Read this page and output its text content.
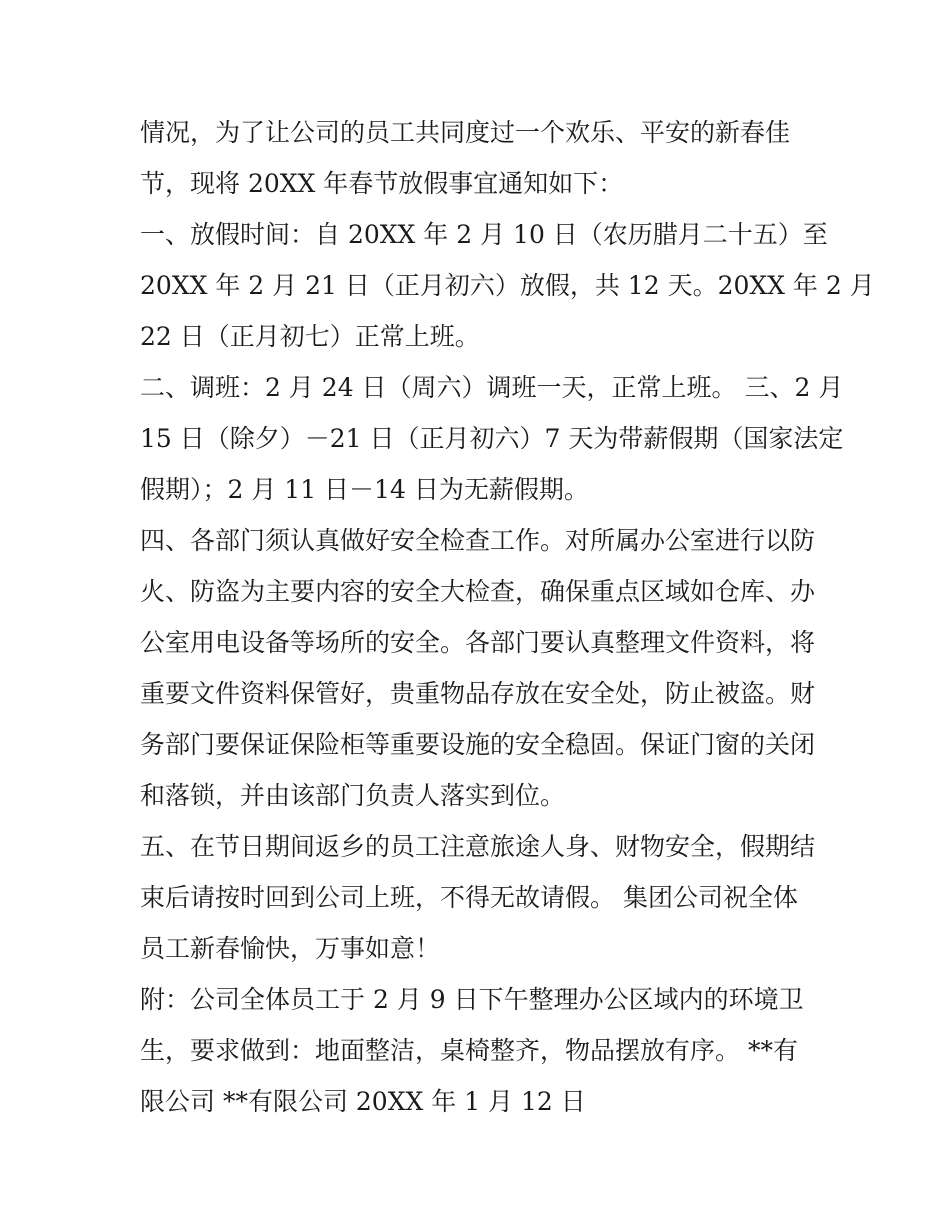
情况，为了让公司的员工共同度过一个欢乐、平安的新春佳
节，现将 20XX 年春节放假事宜通知如下：

一、放假时间：自 20XX 年 2 月 10 日（农历腊月二十五）至
20XX 年 2 月 21 日（正月初六）放假，共 12 天。20XX 年 2 月
22 日（正月初七）正常上班。

二、调班：2 月 24 日（周六）调班一天，正常上班。 三、2 月
15 日（除夕）－21 日（正月初六）7 天为带薪假期（国家法定
假期）；2 月 11 日－14 日为无薪假期。

四、各部门须认真做好安全检查工作。对所属办公室进行以防
火、防盗为主要内容的安全大检查，确保重点区域如仓库、办
公室用电设备等场所的安全。各部门要认真整理文件资料，将
重要文件资料保管好，贵重物品存放在安全处，防止被盗。财
务部门要保证保险柜等重要设施的安全稳固。保证门窗的关闭
和落锁，并由该部门负责人落实到位。

五、在节日期间返乡的员工注意旅途人身、财物安全，假期结
束后请按时回到公司上班，不得无故请假。 集团公司祝全体
员工新春愉快，万事如意！

附：公司全体员工于 2 月 9 日下午整理办公区域内的环境卫
生，要求做到：地面整洁，桌椅整齐，物品摆放有序。 **有
限公司 **有限公司 20XX 年 1 月 12 日
